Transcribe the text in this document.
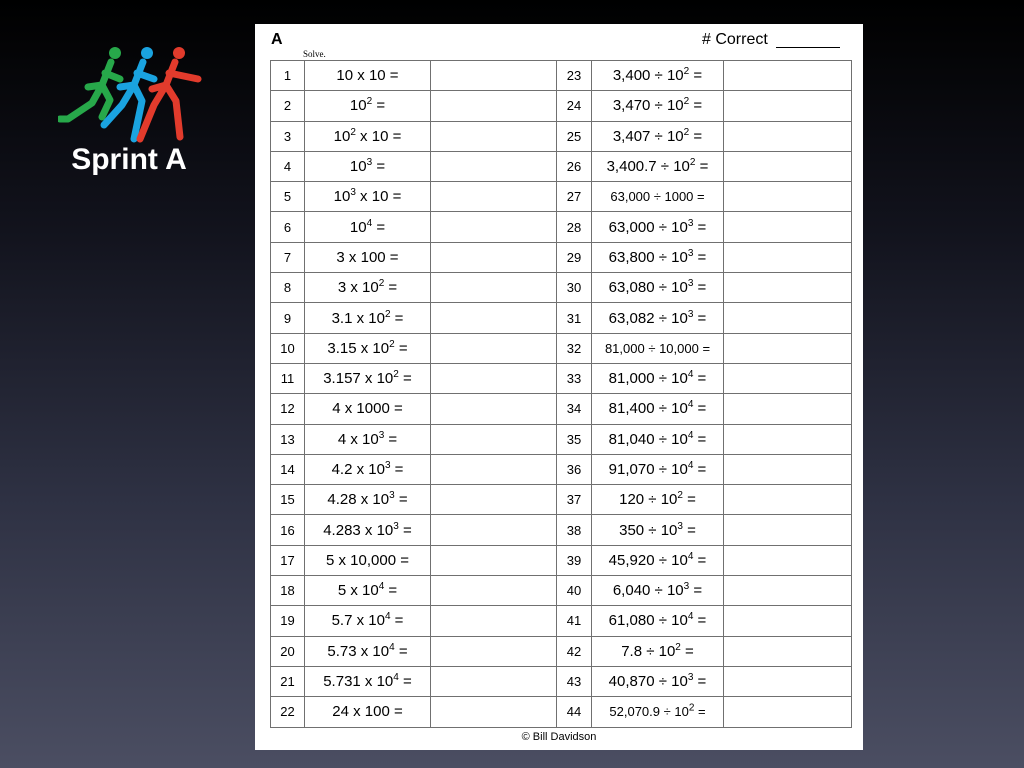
Sprint A
A
Solve.
# Correct
1	10 x 10 =		23	$3,400 \div 10^2$ =	
2	$10^2$ =		24	$3,470 \div 10^2$ =	
3	$10^2$ x 10 =		25	$3,407 \div 10^2$ =	
4	$10^3$ =		26	$3,400.7 \div 10^2$ =	
5	$10^3$ x 10 =		27	63,000 ÷ 1000 =	
6	$10^4$ =		28	$63,000 \div 10^3$ =	
7	3 x 100 =		29	$63,800 \div 10^3$ =	
8	3 x $10^2$ =		30	$63,080 \div 10^3$ =	
9	3.1 x $10^2$ =		31	$63,082 \div 10^3$ =	
10	3.15 x $10^2$ =		32	81,000 ÷ 10,000 =	
11	3.157 x $10^2$ =		33	$81,000 \div 10^4$ =	
12	4 x 1000 =		34	$81,400 \div 10^4$ =	
13	4 x $10^3$ =		35	$81,040 \div 10^4$ =	
14	4.2 x $10^3$ =		36	$91,070 \div 10^4$ =	
15	4.28 x $10^3$ =		37	$120 \div 10^2$ =	
16	4.283 x $10^3$ =		38	$350 \div 10^3$ =	
17	5 x 10,000 =		39	$45,920 \div 10^4$ =	
18	5 x $10^4$ =		40	$6,040 \div 10^3$ =	
19	5.7 x $10^4$ =		41	$61,080 \div 10^4$ =	
20	5.73 x $10^4$ =		42	$7.8 \div 10^2$ =	
21	5.731 x $10^4$ =		43	$40,870 \div 10^3$ =	
22	24 x 100 =		44	$52,070.9 \div 10^2$ =	
© Bill Davidson
